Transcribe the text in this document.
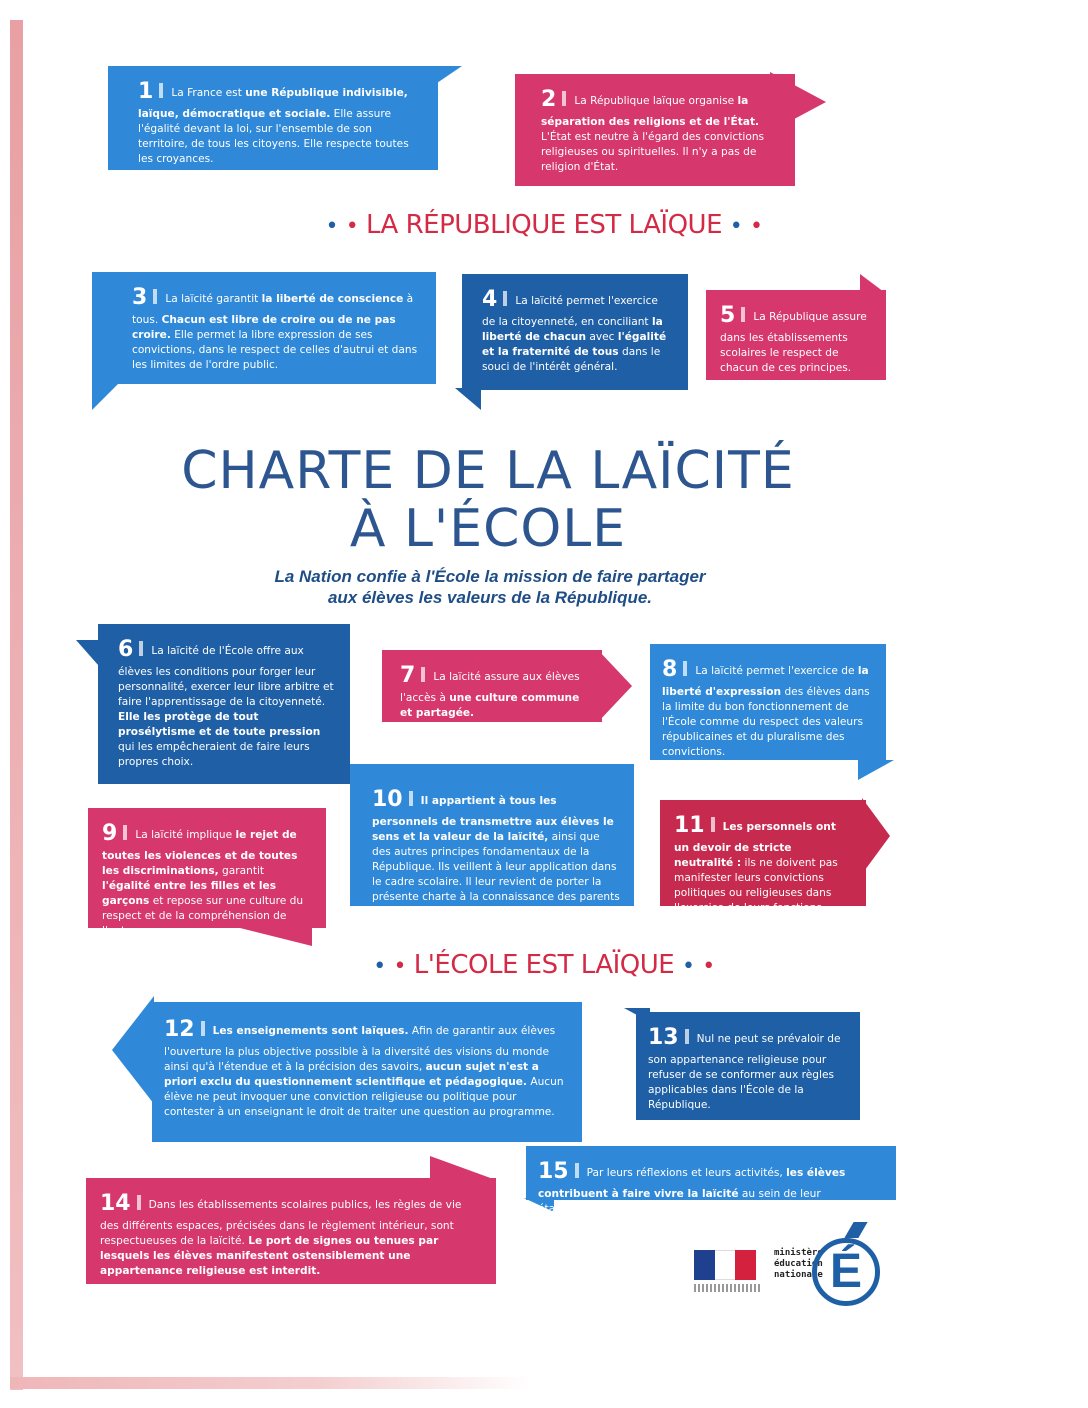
1 La France est une République indivisible, laïque, démocratique et sociale. Elle assure l'égalité devant la loi, sur l'ensemble de son territoire, de tous les citoyens. Elle respecte toutes les croyances.
2 La République laïque organise la séparation des religions et de l'État. L'État est neutre à l'égard des convictions religieuses ou spirituelles. Il n'y a pas de religion d'État.
• • LA RÉPUBLIQUE EST LAÏQUE • •
3 La laïcité garantit la liberté de conscience à tous. Chacun est libre de croire ou de ne pas croire. Elle permet la libre expression de ses convictions, dans le respect de celles d'autrui et dans les limites de l'ordre public.
4 La laïcité permet l'exercice de la citoyenneté, en conciliant la liberté de chacun avec l'égalité et la fraternité de tous dans le souci de l'intérêt général.
5 La République assure dans les établissements scolaires le respect de chacun de ces principes.
CHARTE DE LA LAÏCITÉ
À L'ÉCOLE
La Nation confie à l'École la mission de faire partager
aux élèves les valeurs de la République.
6 La laïcité de l'École offre aux élèves les conditions pour forger leur personnalité, exercer leur libre arbitre et faire l'apprentissage de la citoyenneté. Elle les protège de tout prosélytisme et de toute pression qui les empêcheraient de faire leurs propres choix.
7 La laïcité assure aux élèves l'accès à une culture commune et partagée.
8 La laïcité permet l'exercice de la liberté d'expression des élèves dans la limite du bon fonctionnement de l'École comme du respect des valeurs républicaines et du pluralisme des convictions.
9 La laïcité implique le rejet de toutes les violences et de toutes les discriminations, garantit l'égalité entre les filles et les garçons et repose sur une culture du respect et de la compréhension de l'autre.
10 Il appartient à tous les personnels de transmettre aux élèves le sens et la valeur de la laïcité, ainsi que des autres principes fondamentaux de la République. Ils veillent à leur application dans le cadre scolaire. Il leur revient de porter la présente charte à la connaissance des parents d'élèves.
11 Les personnels ont un devoir de stricte neutralité : ils ne doivent pas manifester leurs convictions politiques ou religieuses dans l'exercice de leurs fonctions.
• • L'ÉCOLE EST LAÏQUE • •
12 Les enseignements sont laïques. Afin de garantir aux élèves l'ouverture la plus objective possible à la diversité des visions du monde ainsi qu'à l'étendue et à la précision des savoirs, aucun sujet n'est a priori exclu du questionnement scientifique et pédagogique. Aucun élève ne peut invoquer une conviction religieuse ou politique pour contester à un enseignant le droit de traiter une question au programme.
13 Nul ne peut se prévaloir de son appartenance religieuse pour refuser de se conformer aux règles applicables dans l'École de la République.
15 Par leurs réflexions et leurs activités, les élèves contribuent à faire vivre la laïcité au sein de leur établissement.
14 Dans les établissements scolaires publics, les règles de vie des différents espaces, précisées dans le règlement intérieur, sont respectueuses de la laïcité. Le port de signes ou tenues par lesquels les élèves manifestent ostensiblement une appartenance religieuse est interdit.
ministère éducation nationale É
